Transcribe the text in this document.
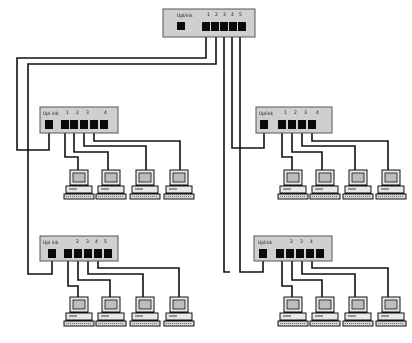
Upl/ink	1 2 3 4 5
Upl ink 1 2 3	4	Uplink 1 2 3 4
Upl ink	2 3 4 5	Uplink	2 3 4
